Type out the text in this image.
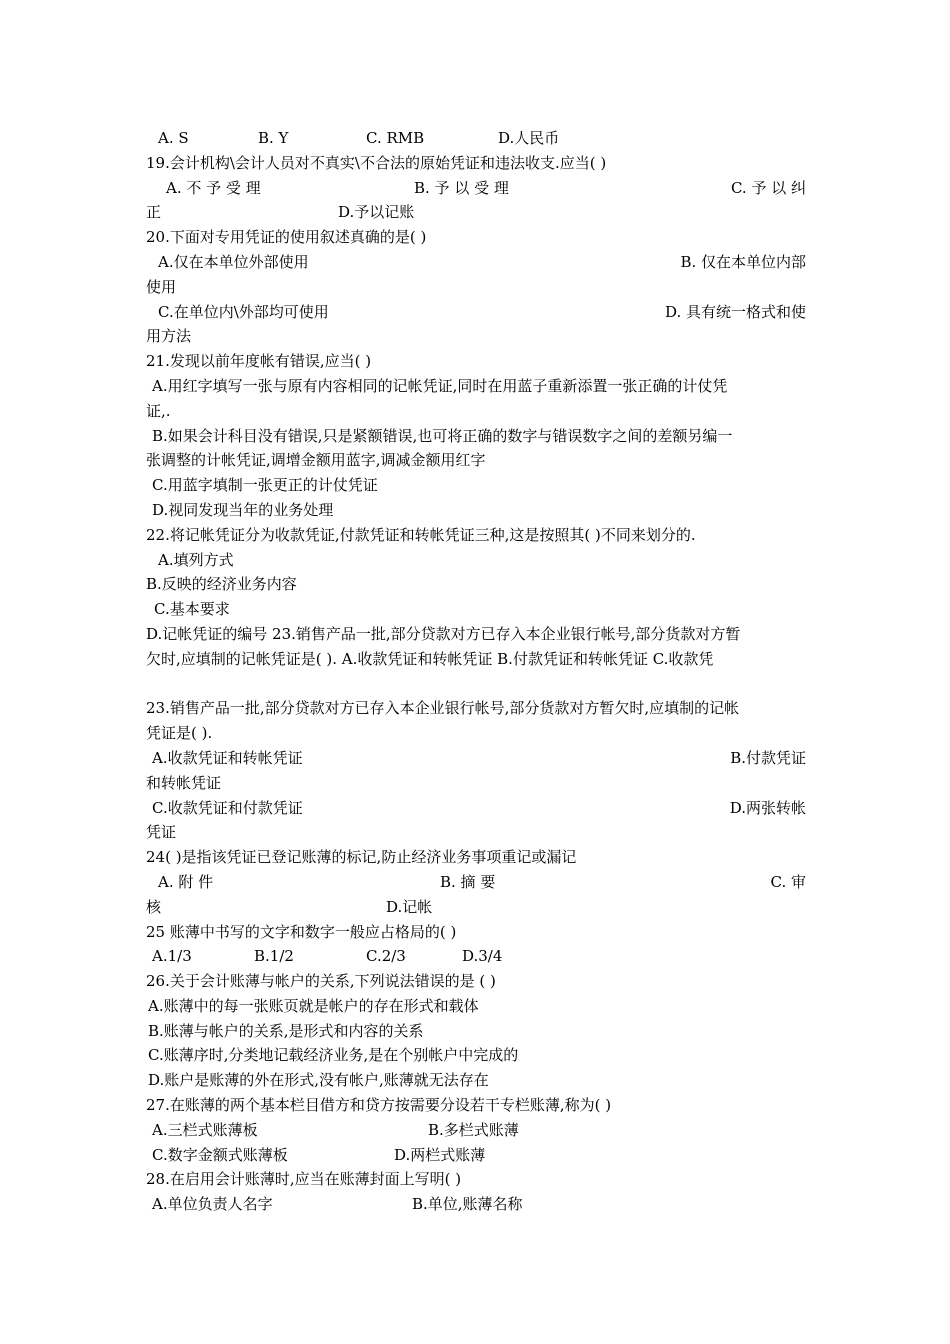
A. S	B. Y	C. RMB	D.人民币
19.会计机构\会计人员对不真实\不合法的原始凭证和违法收支.应当( )
A. 不 予 受 理	B. 予 以 受 理	C. 予 以 纠
正	D.予以记账
20.下面对专用凭证的使用叙述真确的是( )
A.仅在本单位外部使用	B. 仅在本单位内部
使用
C.在单位内\外部均可使用	D. 具有统一格式和使
用方法
21.发现以前年度帐有错误,应当( )
A.用红字填写一张与原有内容相同的记帐凭证,同时在用蓝子重新添置一张正确的计仗凭
证,.
B.如果会计科目没有错误,只是紧额错误,也可将正确的数字与错误数字之间的差额另编一
张调整的计帐凭证,调增金额用蓝字,调减金额用红字
C.用蓝字填制一张更正的计仗凭证
D.视同发现当年的业务处理
22.将记帐凭证分为收款凭证,付款凭证和转帐凭证三种,这是按照其( )不同来划分的.
A.填列方式
B.反映的经济业务内容
C.基本要求
D.记帐凭证的编号 23.销售产品一批,部分贷款对方已存入本企业银行帐号,部分货款对方暂
欠时,应填制的记帐凭证是( ). A.收款凭证和转帐凭证 B.付款凭证和转帐凭证 C.收款凭
23.销售产品一批,部分贷款对方已存入本企业银行帐号,部分货款对方暂欠时,应填制的记帐
凭证是( ).
A.收款凭证和转帐凭证	B.付款凭证
和转帐凭证
C.收款凭证和付款凭证	D.两张转帐
凭证
24( )是指该凭证已登记账薄的标记,防止经济业务事项重记或漏记
A. 附 件	B. 摘 要	C. 审
核	D.记帐
25 账薄中书写的文字和数字一般应占格局的( )
A.1/3	B.1/2	C.2/3	D.3/4
26.关于会计账薄与帐户的关系,下列说法错误的是 ( )
A.账薄中的每一张账页就是帐户的存在形式和载体
B.账薄与帐户的关系,是形式和内容的关系
C.账薄序时,分类地记载经济业务,是在个别帐户中完成的
D.账户是账薄的外在形式,没有帐户,账薄就无法存在
27.在账薄的两个基本栏目借方和贷方按需要分设若干专栏账薄,称为( )
A.三栏式账薄板	B.多栏式账薄
C.数字金额式账薄板	D.两栏式账薄
28.在启用会计账薄时,应当在账薄封面上写明( )
A.单位负责人名字	B.单位,账薄名称
